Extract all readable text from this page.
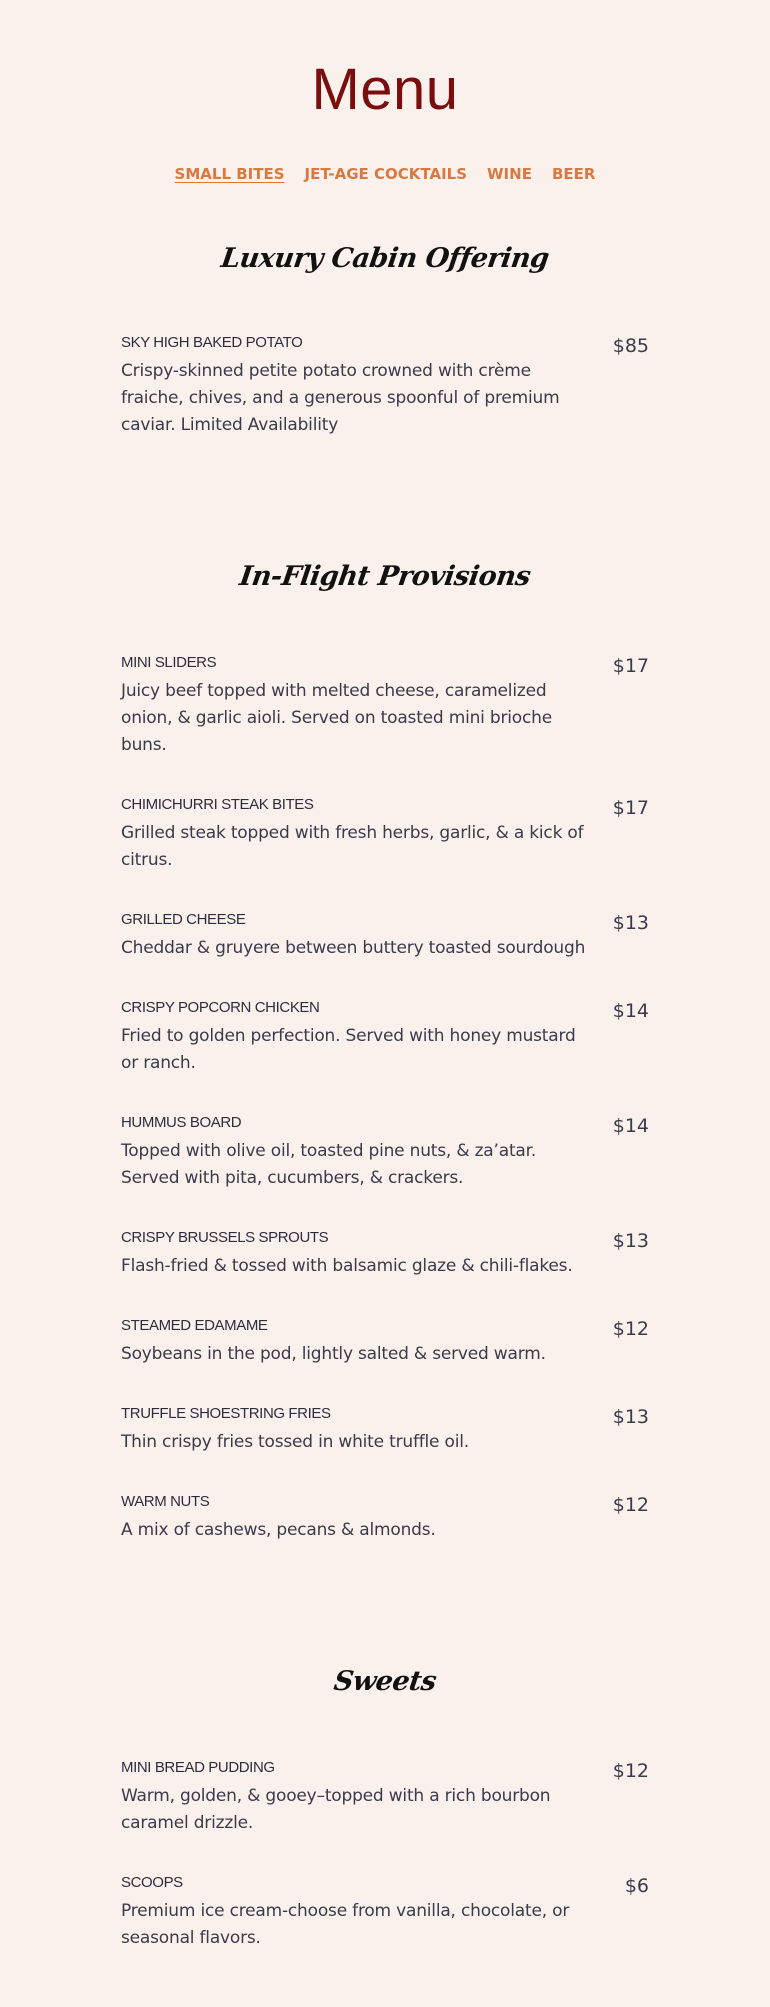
Menu
SMALL BITES JET-AGE COCKTAILS WINE BEER
Luxury Cabin Offering

SKY HIGH BAKED POTATO

Crispy-skinned petite potato crowned with crème fraiche, chives, and a generous spoonful of premium caviar. Limited Availability

$85
In-Flight Provisions

MINI SLIDERS

Juicy beef topped with melted cheese, caramelized onion, & garlic aioli. Served on toasted mini brioche buns.

$17

CHIMICHURRI STEAK BITES

Grilled steak topped with fresh herbs, garlic, & a kick of citrus.

$17

GRILLED CHEESE

Cheddar & gruyere between buttery toasted sourdough

$13

CRISPY POPCORN CHICKEN

Fried to golden perfection. Served with honey mustard or ranch.

$14

HUMMUS BOARD

Topped with olive oil, toasted pine nuts, & za’atar. Served with pita, cucumbers, & crackers.

$14

CRISPY BRUSSELS SPROUTS

Flash-fried & tossed with balsamic glaze & chili-flakes.

$13

STEAMED EDAMAME

Soybeans in the pod, lightly salted & served warm.

$12

TRUFFLE SHOESTRING FRIES

Thin crispy fries tossed in white truffle oil.

$13

WARM NUTS

A mix of cashews, pecans & almonds.

$12
Sweets

MINI BREAD PUDDING

Warm, golden, & gooey–topped with a rich bourbon caramel drizzle.

$12

SCOOPS

Premium ice cream-choose from vanilla, chocolate, or seasonal flavors.

$6
